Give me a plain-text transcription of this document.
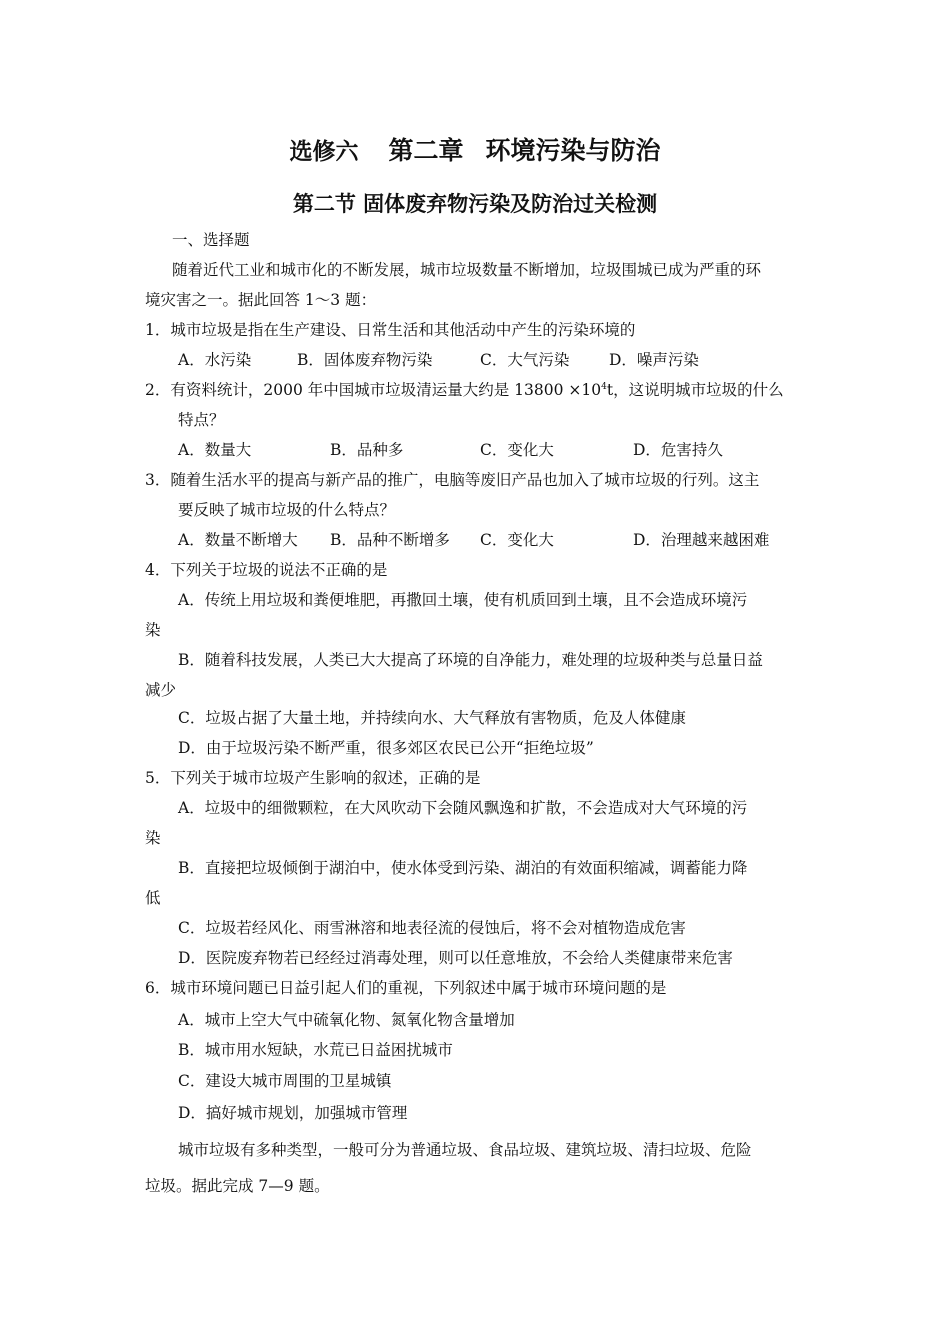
选修六 第二章 环境污染与防治
第二节 固体废弃物污染及防治过关检测
一、选择题
随着近代工业和城市化的不断发展，城市垃圾数量不断增加，垃圾围城已成为严重的环
境灾害之一。据此回答 1～3 题：
1．城市垃圾是指在生产建设、日常生活和其他活动中产生的污染环境的
A．水污染	B．固体废弃物污染	C．大气污染	D．噪声污染
2．有资料统计，2000 年中国城市垃圾清运量大约是 $13800 \times 10^4t$，这说明城市垃圾的什么
特点？
A．数量大	B．品种多	C．变化大	D．危害持久
3．随着生活水平的提高与新产品的推广，电脑等废旧产品也加入了城市垃圾的行列。这主
要反映了城市垃圾的什么特点？
A．数量不断增大 B．品种不断增多 C．变化大	D．治理越来越困难
4．下列关于垃圾的说法不正确的是
A．传统上用垃圾和粪便堆肥，再撒回土壤，使有机质回到土壤，且不会造成环境污
染
B．随着科技发展，人类已大大提高了环境的自净能力，难处理的垃圾种类与总量日益
减少
C．垃圾占据了大量土地，并持续向水、大气释放有害物质，危及人体健康
D．由于垃圾污染不断严重，很多郊区农民已公开“拒绝垃圾”
5．下列关于城市垃圾产生影响的叙述，正确的是
A．垃圾中的细微颗粒，在大风吹动下会随风飘逸和扩散，不会造成对大气环境的污
染
B．直接把垃圾倾倒于湖泊中，使水体受到污染、湖泊的有效面积缩减，调蓄能力降
低
C．垃圾若经风化、雨雪淋溶和地表径流的侵蚀后，将不会对植物造成危害
D．医院废弃物若已经经过消毒处理，则可以任意堆放，不会给人类健康带来危害
6．城市环境问题已日益引起人们的重视，下列叙述中属于城市环境问题的是
A．城市上空大气中硫氧化物、氮氧化物含量增加
B．城市用水短缺，水荒已日益困扰城市
C．建设大城市周围的卫星城镇
D．搞好城市规划，加强城市管理
城市垃圾有多种类型，一般可分为普通垃圾、食品垃圾、建筑垃圾、清扫垃圾、危险
垃圾。据此完成 7—9 题。
